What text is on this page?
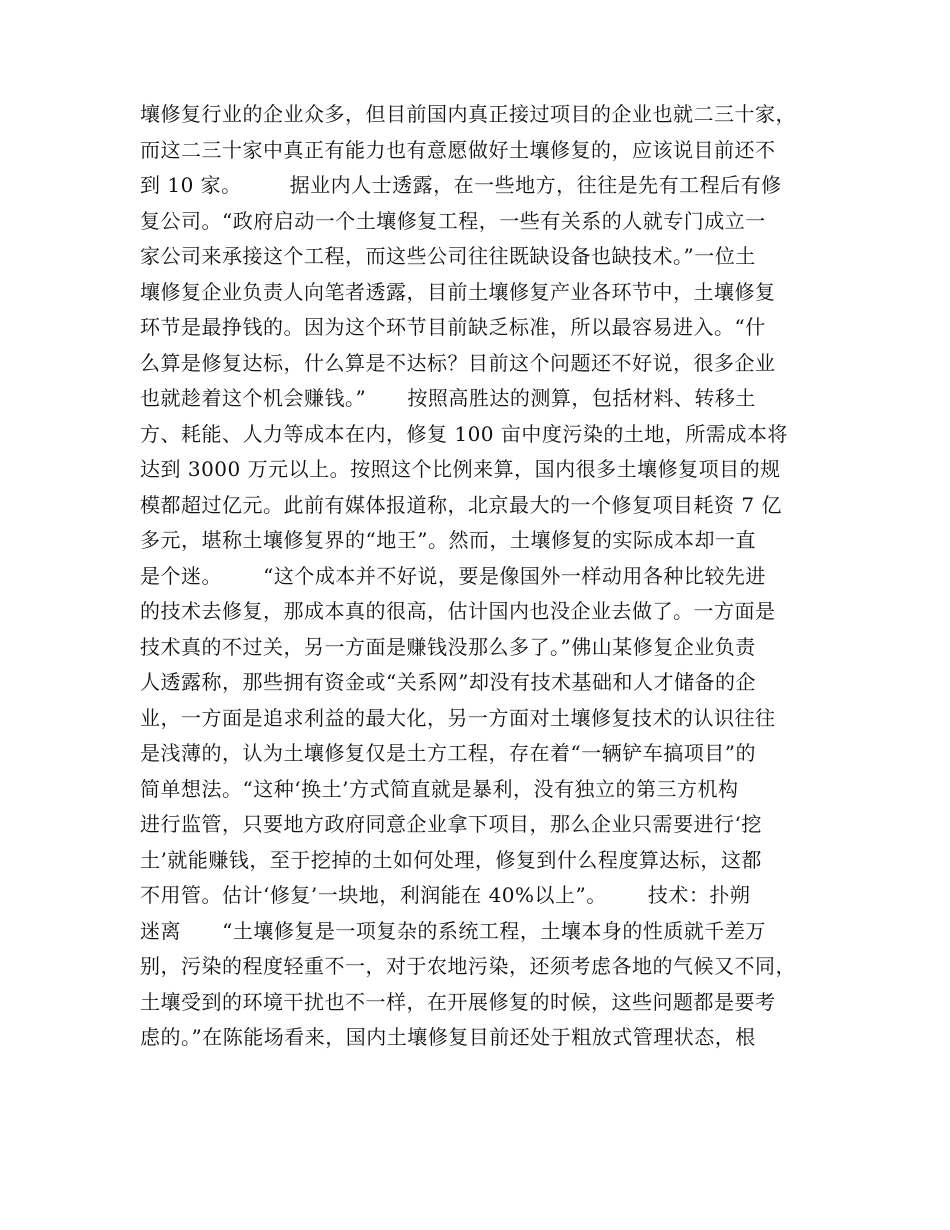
壤修复行业的企业众多，但目前国内真正接过项目的企业也就二三十家，
而这二三十家中真正有能力也有意愿做好土壤修复的，应该说目前还不
到 10 家。       据业内人士透露，在一些地方，往往是先有工程后有修
复公司。“政府启动一个土壤修复工程，一些有关系的人就专门成立一
家公司来承接这个工程，而这些公司往往既缺设备也缺技术。”一位土
壤修复企业负责人向笔者透露，目前土壤修复产业各环节中，土壤修复
环节是最挣钱的。因为这个环节目前缺乏标准，所以最容易进入。“什
么算是修复达标，什么算是不达标？目前这个问题还不好说，很多企业
也就趁着这个机会赚钱。”      按照高胜达的测算，包括材料、转移土
方、耗能、人力等成本在内，修复 100 亩中度污染的土地，所需成本将
达到 3000 万元以上。按照这个比例来算，国内很多土壤修复项目的规
模都超过亿元。此前有媒体报道称，北京最大的一个修复项目耗资 7 亿
多元，堪称土壤修复界的“地王”。然而，土壤修复的实际成本却一直
是个迷。      “这个成本并不好说，要是像国外一样动用各种比较先进
的技术去修复，那成本真的很高，估计国内也没企业去做了。一方面是
技术真的不过关，另一方面是赚钱没那么多了。”佛山某修复企业负责
人透露称，那些拥有资金或“关系网”却没有技术基础和人才储备的企
业，一方面是追求利益的最大化，另一方面对土壤修复技术的认识往往
是浅薄的，认为土壤修复仅是土方工程，存在着“一辆铲车搞项目”的
简单想法。“这种‘换土’方式简直就是暴利，没有独立的第三方机构
进行监管，只要地方政府同意企业拿下项目，那么企业只需要进行‘挖
土’就能赚钱，至于挖掉的土如何处理，修复到什么程度算达标，这都
不用管。估计‘修复’一块地，利润能在 40%以上”。      技术：扑朔
迷离      “土壤修复是一项复杂的系统工程，土壤本身的性质就千差万
别，污染的程度轻重不一，对于农地污染，还须考虑各地的气候又不同，
土壤受到的环境干扰也不一样，在开展修复的时候，这些问题都是要考
虑的。”在陈能场看来，国内土壤修复目前还处于粗放式管理状态，根
